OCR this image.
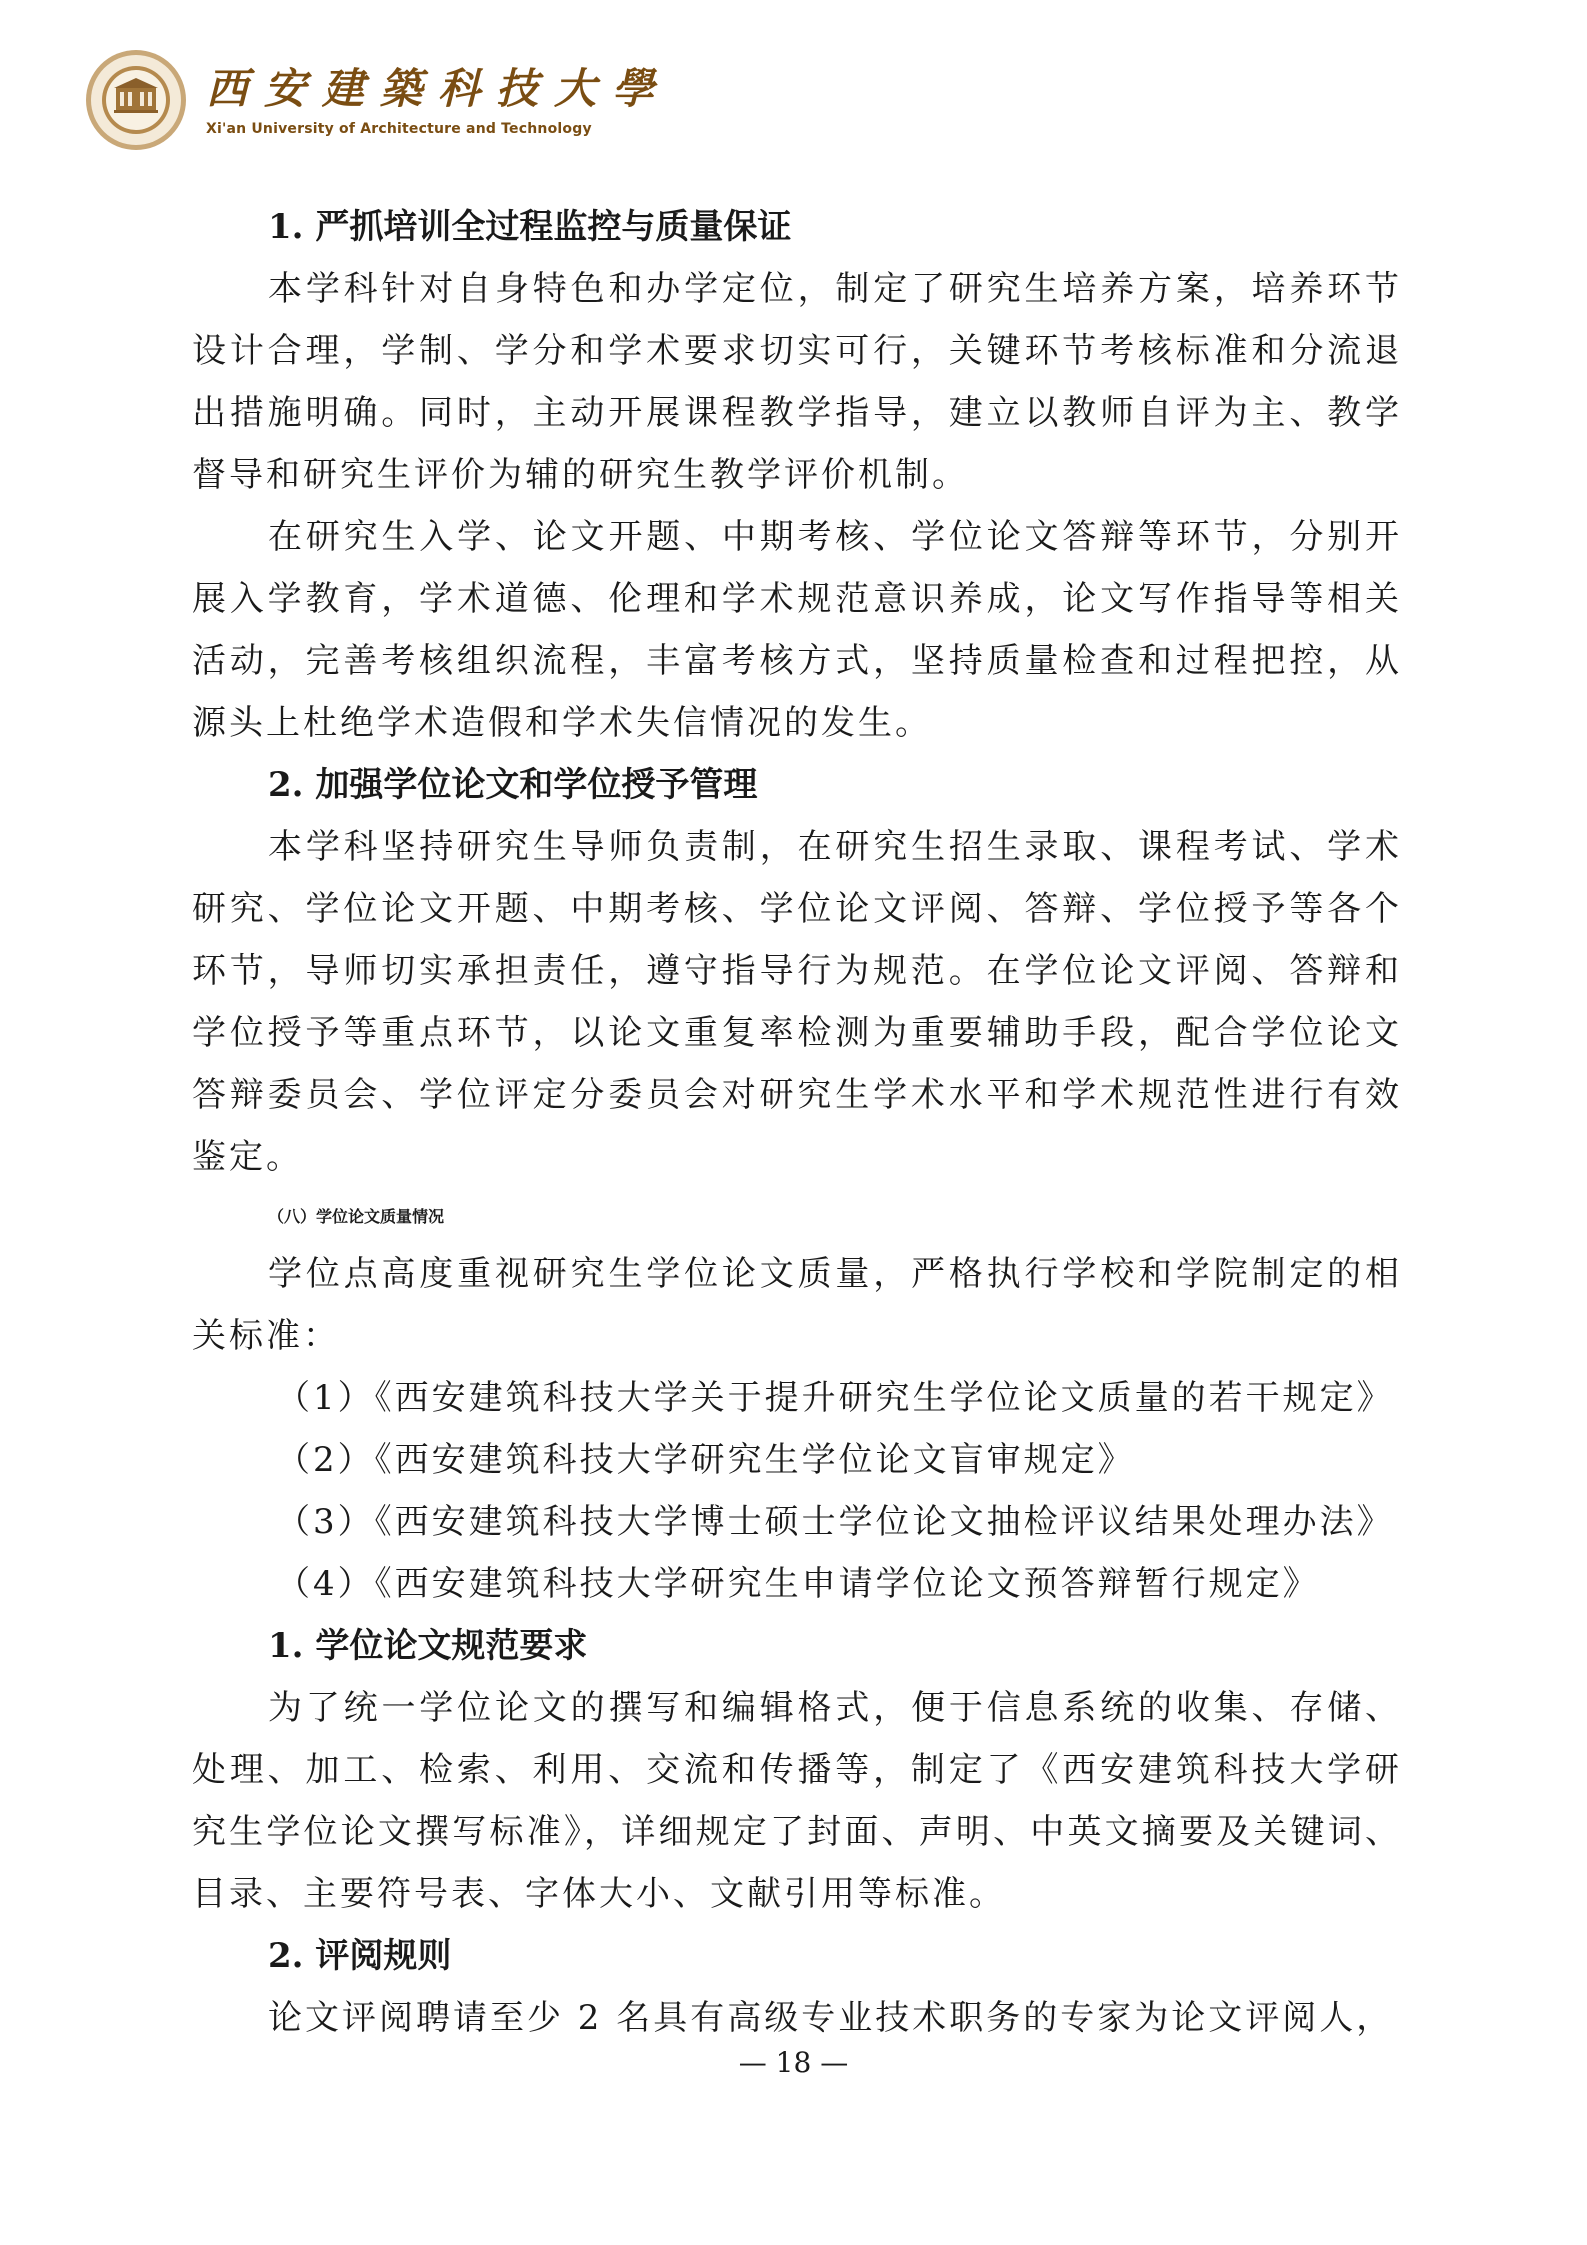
西安建築科技大學
Xi'an University of Architecture and Technology

1. 严抓培训全过程监控与质量保证

本学科针对自身特色和办学定位，制定了研究生培养方案，培养环节设计合理，学制、学分和学术要求切实可行，关键环节考核标准和分流退出措施明确。同时，主动开展课程教学指导，建立以教师自评为主、教学督导和研究生评价为辅的研究生教学评价机制。

在研究生入学、论文开题、中期考核、学位论文答辩等环节，分别开展入学教育，学术道德、伦理和学术规范意识养成，论文写作指导等相关活动，完善考核组织流程，丰富考核方式，坚持质量检查和过程把控，从源头上杜绝学术造假和学术失信情况的发生。

2. 加强学位论文和学位授予管理

本学科坚持研究生导师负责制，在研究生招生录取、课程考试、学术研究、学位论文开题、中期考核、学位论文评阅、答辩、学位授予等各个环节，导师切实承担责任，遵守指导行为规范。在学位论文评阅、答辩和学位授予等重点环节，以论文重复率检测为重要辅助手段，配合学位论文答辩委员会、学位评定分委员会对研究生学术水平和学术规范性进行有效鉴定。

（八）学位论文质量情况

学位点高度重视研究生学位论文质量，严格执行学校和学院制定的相关标准：

（1）《西安建筑科技大学关于提升研究生学位论文质量的若干规定》

（2）《西安建筑科技大学研究生学位论文盲审规定》

（3）《西安建筑科技大学博士硕士学位论文抽检评议结果处理办法》

（4）《西安建筑科技大学研究生申请学位论文预答辩暂行规定》

1. 学位论文规范要求

为了统一学位论文的撰写和编辑格式，便于信息系统的收集、存储、处理、加工、检索、利用、交流和传播等，制定了《西安建筑科技大学研究生学位论文撰写标准》，详细规定了封面、声明、中英文摘要及关键词、目录、主要符号表、字体大小、文献引用等标准。

2. 评阅规则

论文评阅聘请至少 2 名具有高级专业技术职务的专家为论文评阅人，

— 18 —
